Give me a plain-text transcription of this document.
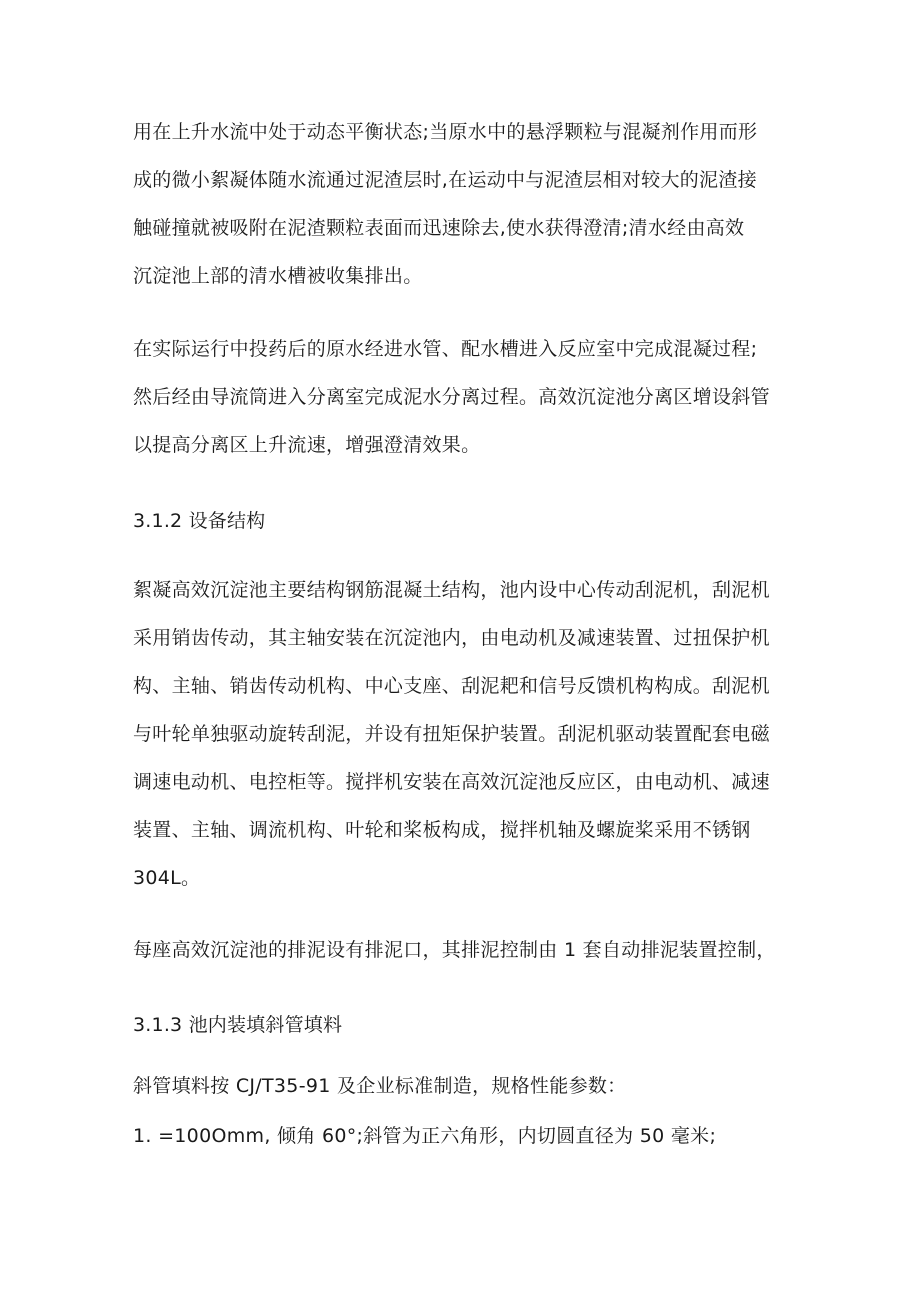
用在上升水流中处于动态平衡状态;当原水中的悬浮颗粒与混凝剂作用而形
成的微小絮凝体随水流通过泥渣层时,在运动中与泥渣层相对较大的泥渣接
触碰撞就被吸附在泥渣颗粒表面而迅速除去,使水获得澄清;清水经由高效
沉淀池上部的清水槽被收集排出。
在实际运行中投药后的原水经进水管、配水槽进入反应室中完成混凝过程;
然后经由导流筒进入分离室完成泥水分离过程。高效沉淀池分离区增设斜管
以提高分离区上升流速，增强澄清效果。
3.1.2 设备结构
絮凝高效沉淀池主要结构钢筋混凝土结构，池内设中心传动刮泥机，刮泥机
采用销齿传动，其主轴安装在沉淀池内，由电动机及减速装置、过扭保护机
构、主轴、销齿传动机构、中心支座、刮泥耙和信号反馈机构构成。刮泥机
与叶轮单独驱动旋转刮泥，并设有扭矩保护装置。刮泥机驱动装置配套电磁
调速电动机、电控柜等。搅拌机安装在高效沉淀池反应区，由电动机、减速
装置、主轴、调流机构、叶轮和桨板构成，搅拌机轴及螺旋桨采用不锈钢
304L。
每座高效沉淀池的排泥设有排泥口，其排泥控制由 1 套自动排泥装置控制，
3.1.3 池内装填斜管填料
斜管填料按 CJ/T35-91 及企业标准制造，规格性能参数：
1. =100Omm, 倾角 60°;斜管为正六角形，内切圆直径为 50 毫米;
